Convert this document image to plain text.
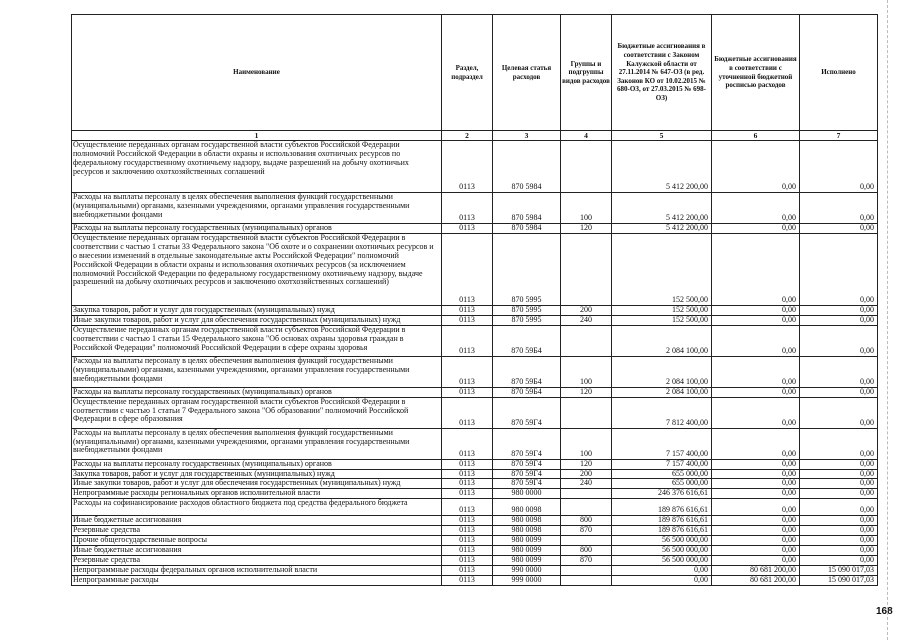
Наименование	Раздел, подраздел	Целевая статья расходов	Группы и подгруппы видов расходов	Бюджетные ассигнования в соответствии с Законом Калужской области от 27.11.2014 № 647-ОЗ (в ред. Законов КО от 10.02.2015 № 680-ОЗ, от 27.03.2015 № 698-ОЗ)	Бюджетные ассигнования в соответствии с уточненной бюджетной росписью расходов	Исполнено
1	2	3	4	5	6	7
Осуществление переданных органам государственной власти субъектов Российской Федерации полномочий Российской Федерации в области охраны и использования охотничьих ресурсов по федеральному государственному охотничьему надзору, выдаче разрешений на добычу охотничьих ресурсов и заключению охотхозяйственных соглашений	0113	870 5984		5 412 200,00	0,00	0,00
Расходы на выплаты персоналу в целях обеспечения выполнения функций государственными (муниципальными) органами, казенными учреждениями, органами управления государственными внебюджетными фондами	0113	870 5984	100	5 412 200,00	0,00	0,00
Расходы на выплаты персоналу государственных (муниципальных) органов	0113	870 5984	120	5 412 200,00	0,00	0,00
Осуществление переданных органам государственной власти субъектов Российской Федерации в соответствии с частью 1 статьи 33 Федерального закона "Об охоте и о сохранении охотничьих ресурсов и о внесении изменений в отдельные законодательные акты Российской Федерации" полномочий Российской Федерации в области охраны и использования охотничьих ресурсов (за исключением полномочий Российской Федерации по федеральному государственному охотничьему надзору, выдаче разрешений на добычу охотничьих ресурсов и заключению охотхозяйственных соглашений)	0113	870 5995		152 500,00	0,00	0,00
Закупка товаров, работ и услуг для государственных (муниципальных) нужд	0113	870 5995	200	152 500,00	0,00	0,00
Иные закупки товаров, работ и услуг для обеспечения государственных (муниципальных) нужд	0113	870 5995	240	152 500,00	0,00	0,00
Осуществление переданных органам государственной власти субъектов Российской Федерации в соответствии с частью 1 статьи 15 Федерального закона "Об основах охраны здоровья граждан в Российской Федерации" полномочий Российской Федерации в сфере охраны здоровья	0113	870 59Б4		2 084 100,00	0,00	0,00
Расходы на выплаты персоналу в целях обеспечения выполнения функций государственными (муниципальными) органами, казенными учреждениями, органами управления государственными внебюджетными фондами	0113	870 59Б4	100	2 084 100,00	0,00	0,00
Расходы на выплаты персоналу государственных (муниципальных) органов	0113	870 59Б4	120	2 084 100,00	0,00	0,00
Осуществление переданных органам государственной власти субъектов Российской Федерации в соответствии с частью 1 статьи 7 Федерального закона "Об образовании" полномочий Российской Федерации в сфере образования	0113	870 59Г4		7 812 400,00	0,00	0,00
Расходы на выплаты персоналу в целях обеспечения выполнения функций государственными (муниципальными) органами, казенными учреждениями, органами управления государственными внебюджетными фондами	0113	870 59Г4	100	7 157 400,00	0,00	0,00
Расходы на выплаты персоналу государственных (муниципальных) органов	0113	870 59Г4	120	7 157 400,00	0,00	0,00
Закупка товаров, работ и услуг для государственных (муниципальных) нужд	0113	870 59Г4	200	655 000,00	0,00	0,00
Иные закупки товаров, работ и услуг для обеспечения государственных (муниципальных) нужд	0113	870 59Г4	240	655 000,00	0,00	0,00
Непрограммные расходы региональных органов исполнительной власти	0113	980 0000		246 376 616,61	0,00	0,00
Расходы на софинансирование расходов областного бюджета под средства федерального бюджета	0113	980 0098		189 876 616,61	0,00	0,00
Иные бюджетные ассигнования	0113	980 0098	800	189 876 616,61	0,00	0,00
Резервные средства	0113	980 0098	870	189 876 616,61	0,00	0,00
Прочие общегосударственные вопросы	0113	980 0099		56 500 000,00	0,00	0,00
Иные бюджетные ассигнования	0113	980 0099	800	56 500 000,00	0,00	0,00
Резервные средства	0113	980 0099	870	56 500 000,00	0,00	0,00
Непрограммные расходы федеральных органов исполнительной власти	0113	990 0000		0,00	80 681 200,00	15 090 017,03
Непрограммные расходы	0113	999 0000		0,00	80 681 200,00	15 090 017,03
168
